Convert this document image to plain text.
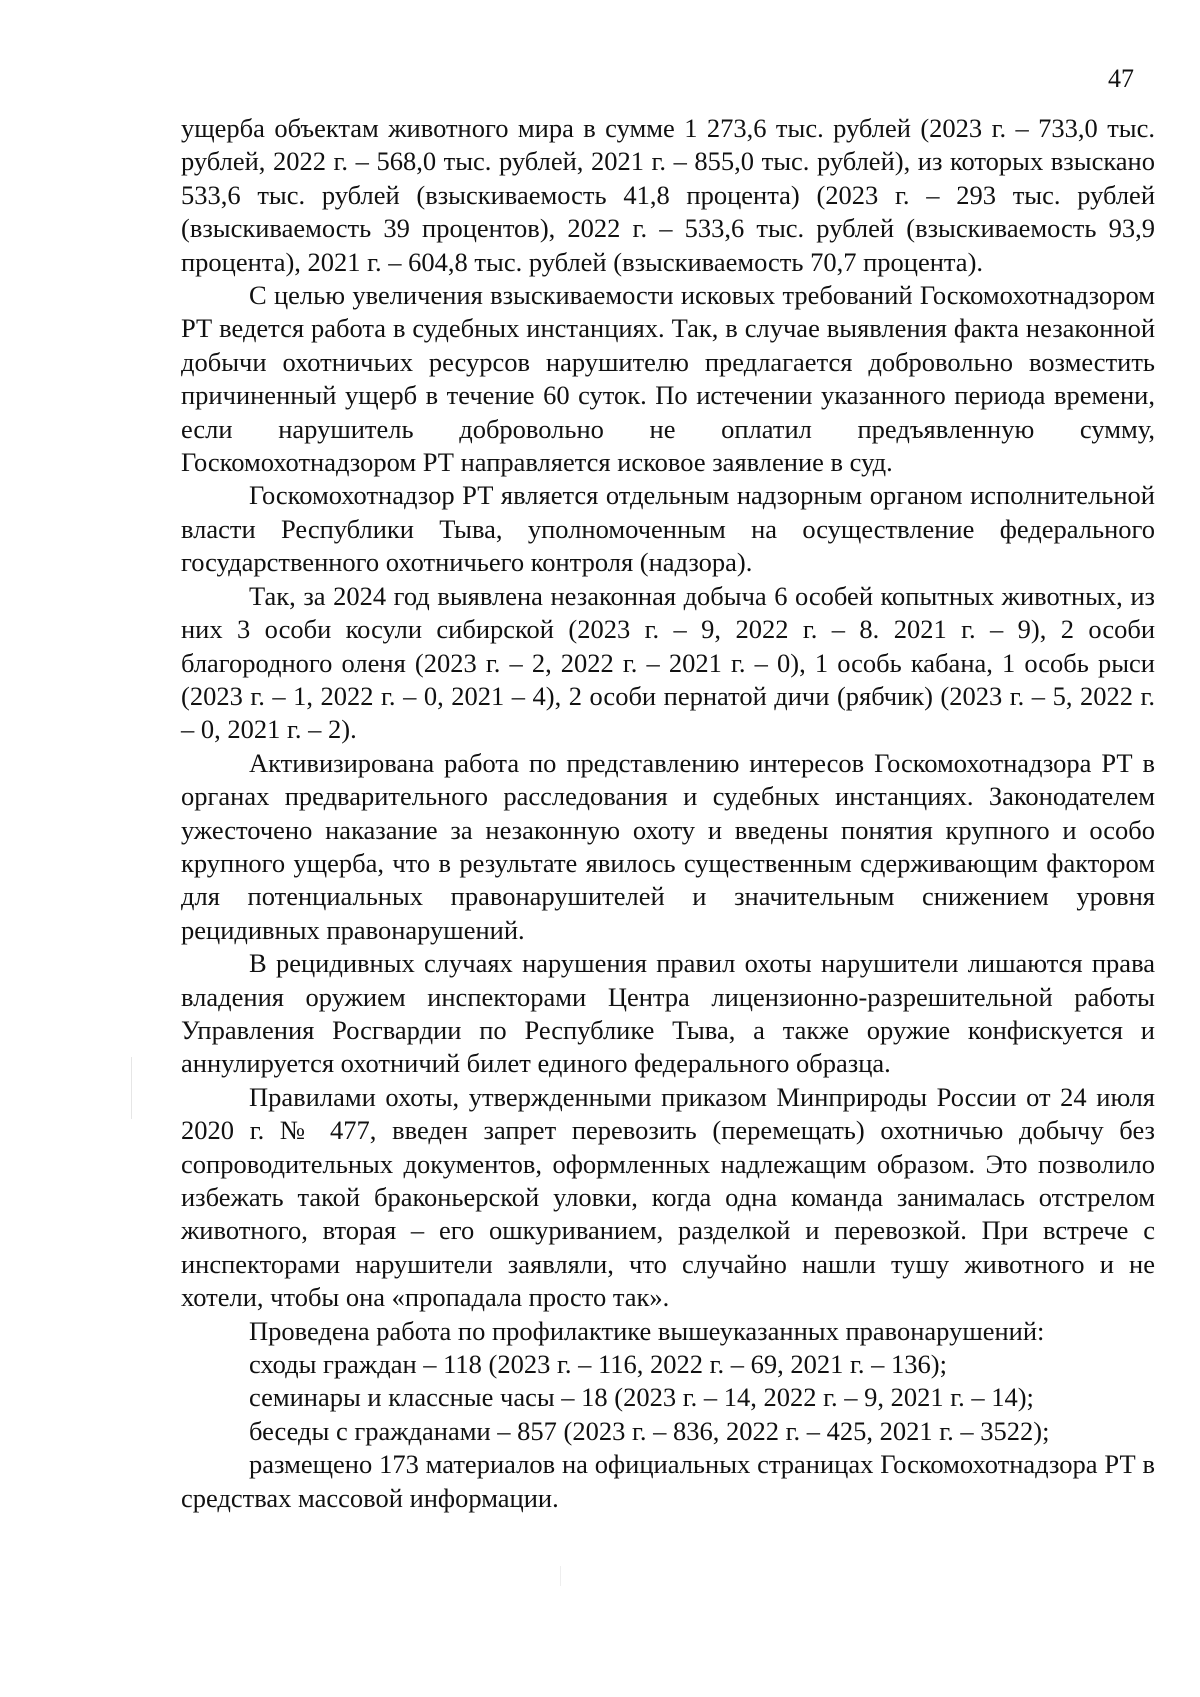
47

ущерба объектам животного мира в сумме 1 273,6 тыс. рублей (2023 г. – 733,0 тыс. рублей, 2022 г. – 568,0 тыс. рублей, 2021 г. – 855,0 тыс. рублей), из которых взыскано 533,6 тыс. рублей (взыскиваемость 41,8 процента) (2023 г. – 293 тыс. рублей (взыскиваемость 39 процентов), 2022 г. – 533,6 тыс. рублей (взыскиваемость 93,9 процента), 2021 г. – 604,8 тыс. рублей (взыскиваемость 70,7 процента).

С целью увеличения взыскиваемости исковых требований Госкомохотнадзором РТ ведется работа в судебных инстанциях. Так, в случае выявления факта незаконной добычи охотничьих ресурсов нарушителю предлагается добровольно возместить причиненный ущерб в течение 60 суток. По истечении указанного периода времени, если нарушитель добровольно не оплатил предъявленную сумму, Госкомохотнадзором РТ направляется исковое заявление в суд.

Госкомохотнадзор РТ является отдельным надзорным органом исполнительной власти Республики Тыва, уполномоченным на осуществление федерального государственного охотничьего контроля (надзора).

Так, за 2024 год выявлена незаконная добыча 6 особей копытных животных, из них 3 особи косули сибирской (2023 г. – 9, 2022 г. – 8. 2021 г. – 9), 2 особи благородного оленя (2023 г. – 2, 2022 г. – 2021 г. – 0), 1 особь кабана, 1 особь рыси (2023 г. – 1, 2022 г. – 0, 2021 – 4), 2 особи пернатой дичи (рябчик) (2023 г. – 5, 2022 г. – 0, 2021 г. – 2).

Активизирована работа по представлению интересов Госкомохотнадзора РТ в органах предварительного расследования и судебных инстанциях. Законодателем ужесточено наказание за незаконную охоту и введены понятия крупного и особо крупного ущерба, что в результате явилось существенным сдерживающим фактором для потенциальных правонарушителей и значительным снижением уровня рецидивных правонарушений.

В рецидивных случаях нарушения правил охоты нарушители лишаются права владения оружием инспекторами Центра лицензионно-разрешительной работы Управления Росгвардии по Республике Тыва, а также оружие конфискуется и аннулируется охотничий билет единого федерального образца.

Правилами охоты, утвержденными приказом Минприроды России от 24 июля 2020 г. № 477, введен запрет перевозить (перемещать) охотничью добычу без сопроводительных документов, оформленных надлежащим образом. Это позволило избежать такой браконьерской уловки, когда одна команда занималась отстрелом животного, вторая – его ошкуриванием, разделкой и перевозкой. При встрече с инспекторами нарушители заявляли, что случайно нашли тушу животного и не хотели, чтобы она «пропадала просто так».

Проведена работа по профилактике вышеуказанных правонарушений:

сходы граждан – 118 (2023 г. – 116, 2022 г. – 69, 2021 г. – 136);

семинары и классные часы – 18 (2023 г. – 14, 2022 г. – 9, 2021 г. – 14);

беседы с гражданами – 857 (2023 г. – 836, 2022 г. – 425, 2021 г. – 3522);

размещено 173 материалов на официальных страницах Госкомохотнадзора РТ в средствах массовой информации.
